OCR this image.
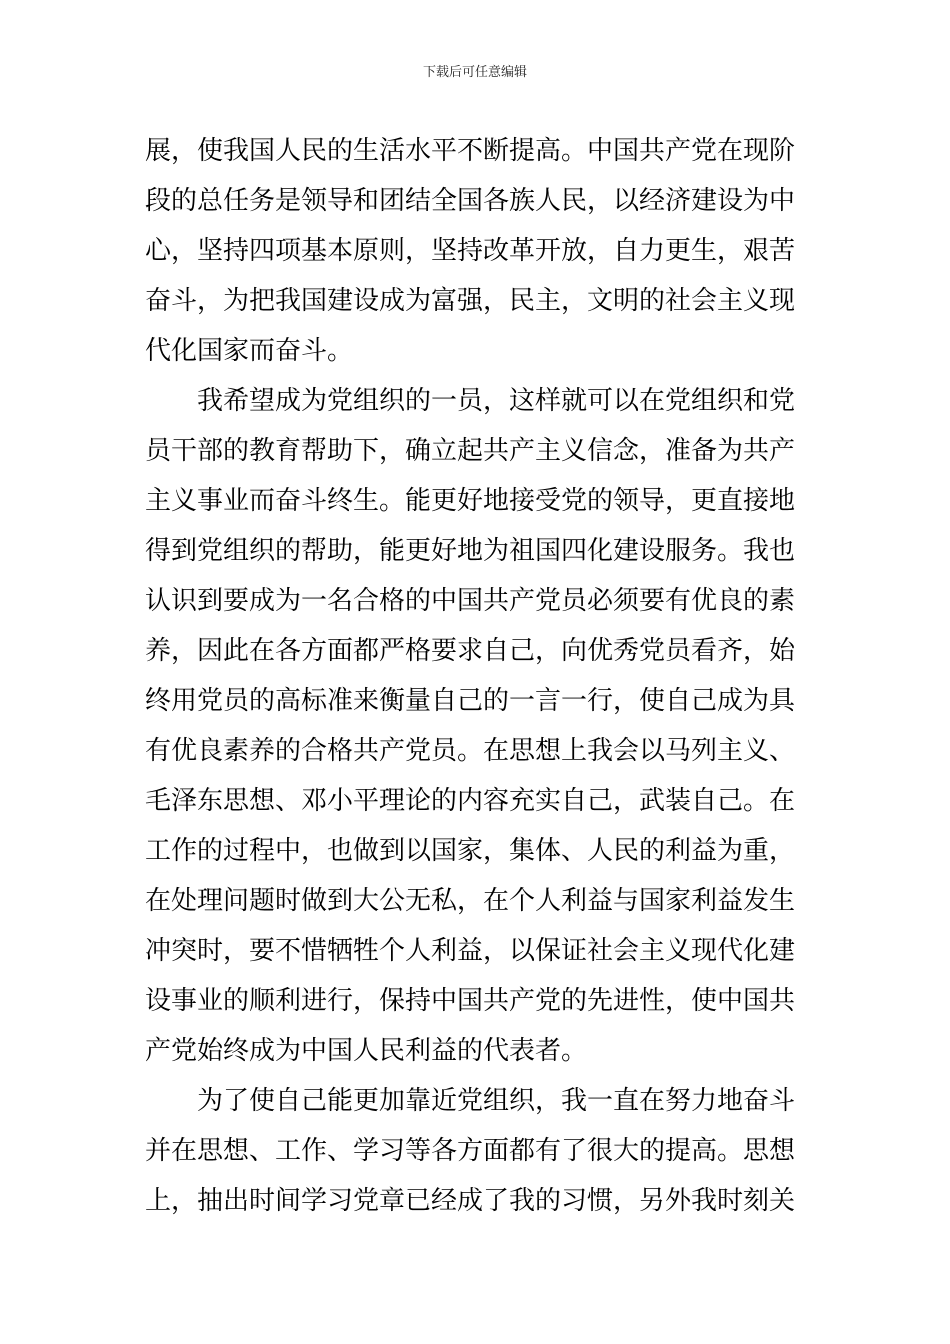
下载后可任意编辑
展，使我国人民的生活水平不断提高。中国共产党在现阶
段的总任务是领导和团结全国各族人民，以经济建设为中
心，坚持四项基本原则，坚持改革开放，自力更生，艰苦
奋斗，为把我国建设成为富强，民主，文明的社会主义现
代化国家而奋斗。
我希望成为党组织的一员，这样就可以在党组织和党
员干部的教育帮助下，确立起共产主义信念，准备为共产
主义事业而奋斗终生。能更好地接受党的领导，更直接地
得到党组织的帮助，能更好地为祖国四化建设服务。我也
认识到要成为一名合格的中国共产党员必须要有优良的素
养，因此在各方面都严格要求自己，向优秀党员看齐，始
终用党员的高标准来衡量自己的一言一行，使自己成为具
有优良素养的合格共产党员。在思想上我会以马列主义、
毛泽东思想、邓小平理论的内容充实自己，武装自己。在
工作的过程中，也做到以国家，集体、人民的利益为重，
在处理问题时做到大公无私，在个人利益与国家利益发生
冲突时，要不惜牺牲个人利益，以保证社会主义现代化建
设事业的顺利进行，保持中国共产党的先进性，使中国共
产党始终成为中国人民利益的代表者。
为了使自己能更加靠近党组织，我一直在努力地奋斗
并在思想、工作、学习等各方面都有了很大的提高。思想
上，抽出时间学习党章已经成了我的习惯，另外我时刻关
